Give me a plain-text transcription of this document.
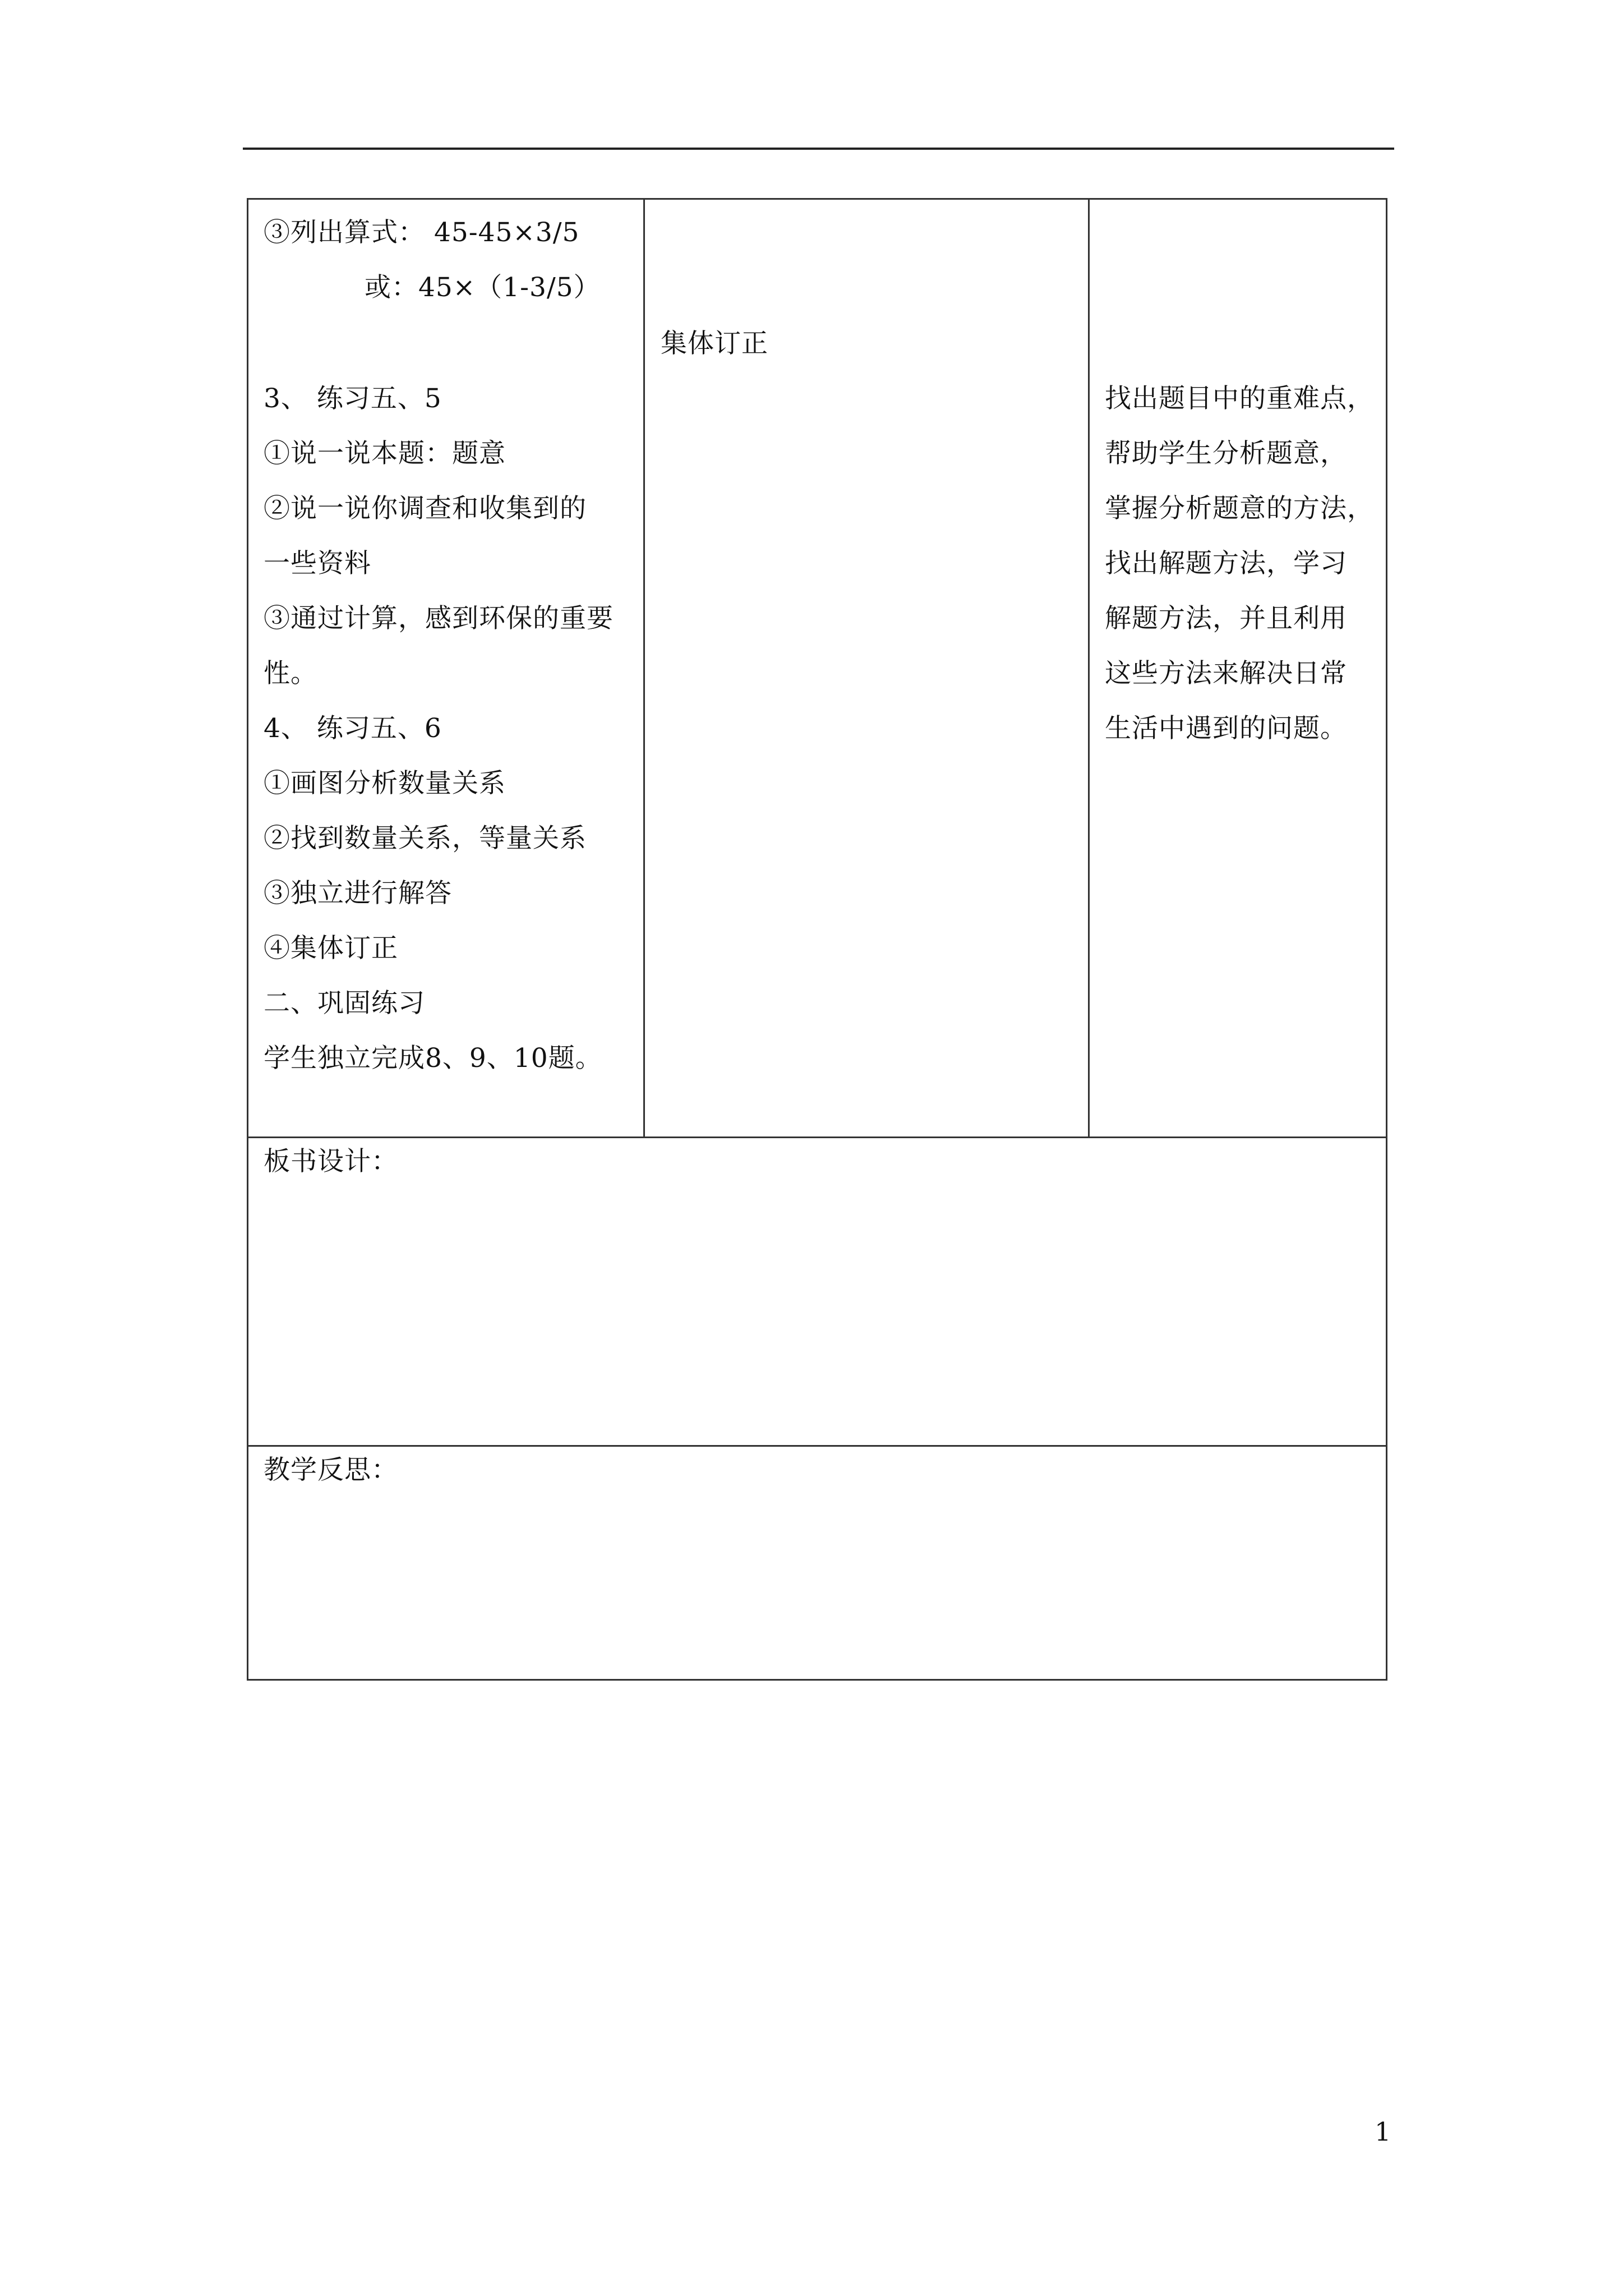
③列出算式： 45-45×3/5
或：45×（1-3/5）
3、 练习五、5
①说一说本题：题意
②说一说你调查和收集到的
一些资料
③通过计算，感到环保的重要
性。
4、 练习五、6
①画图分析数量关系
②找到数量关系，等量关系
③独立进行解答
④集体订正
二、巩固练习
学生独立完成8、9、10题。
集体订正
找出题目中的重难点，
帮助学生分析题意，
掌握分析题意的方法，
找出解题方法，学习
解题方法，并且利用
这些方法来解决日常
生活中遇到的问题。
板书设计：
教学反思：
1
